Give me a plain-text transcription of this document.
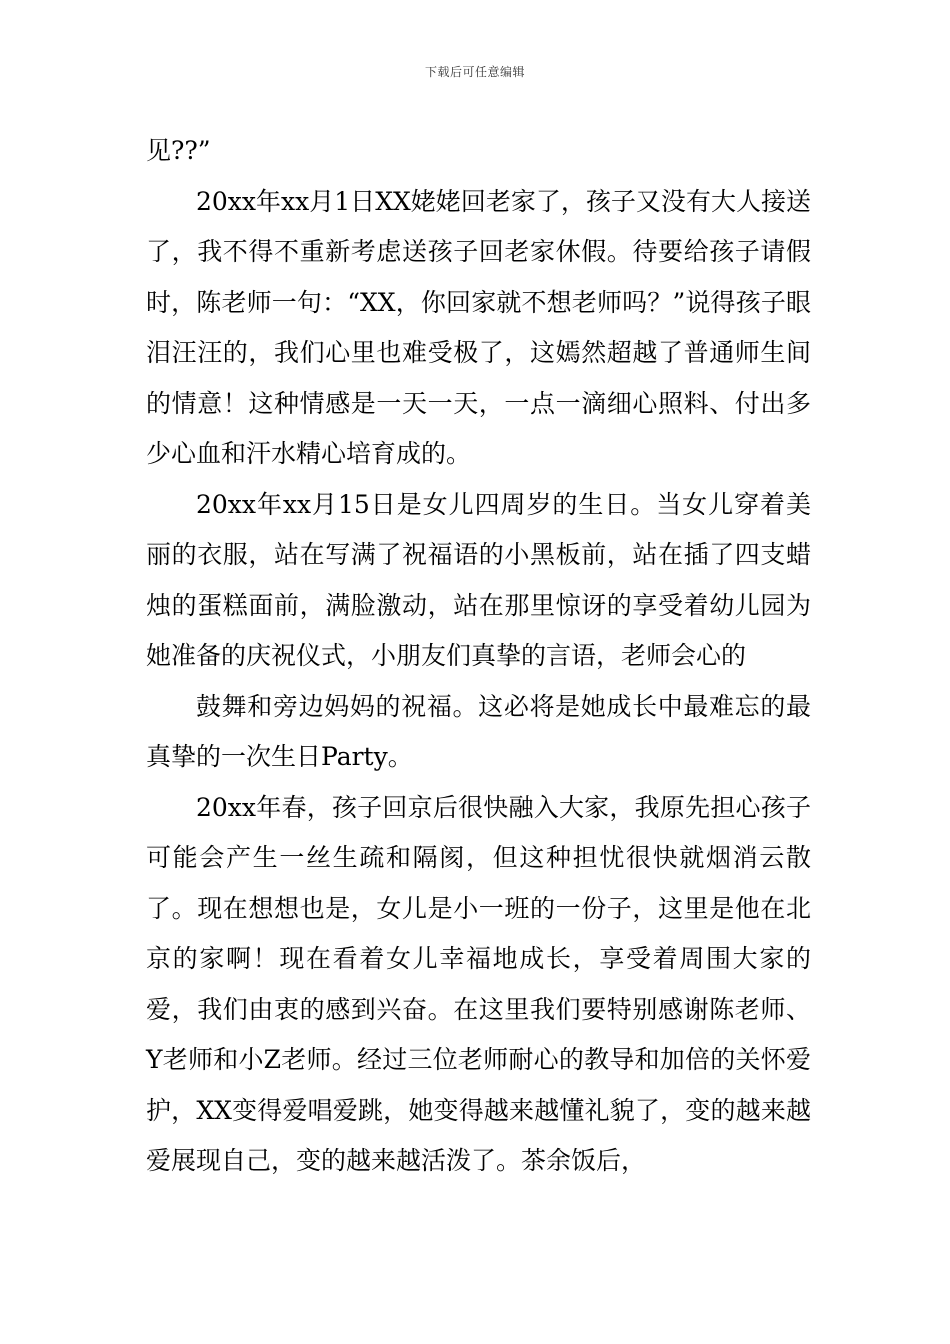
下载后可任意编辑

见??”

20xx年xx月1日XX姥姥回老家了，孩子又没有大人接送了，我不得不重新考虑送孩子回老家休假。待要给孩子请假时，陈老师一句：“XX，你回家就不想老师吗？”说得孩子眼泪汪汪的，我们心里也难受极了，这嫣然超越了普通师生间的情意！这种情感是一天一天，一点一滴细心照料、付出多少心血和汗水精心培育成的。

20xx年xx月15日是女儿四周岁的生日。当女儿穿着美丽的衣服，站在写满了祝福语的小黑板前，站在插了四支蜡烛的蛋糕面前，满脸激动，站在那里惊讶的享受着幼儿园为她准备的庆祝仪式，小朋友们真挚的言语，老师会心的

鼓舞和旁边妈妈的祝福。这必将是她成长中最难忘的最真挚的一次生日Party。

20xx年春，孩子回京后很快融入大家，我原先担心孩子可能会产生一丝生疏和隔阂，但这种担忧很快就烟消云散了。现在想想也是，女儿是小一班的一份子，这里是他在北京的家啊！现在看着女儿幸福地成长，享受着周围大家的爱，我们由衷的感到兴奋。在这里我们要特别感谢陈老师、Y老师和小Z老师。经过三位老师耐心的教导和加倍的关怀爱护，XX变得爱唱爱跳，她变得越来越懂礼貌了，变的越来越爱展现自己，变的越来越活泼了。茶余饭后，
